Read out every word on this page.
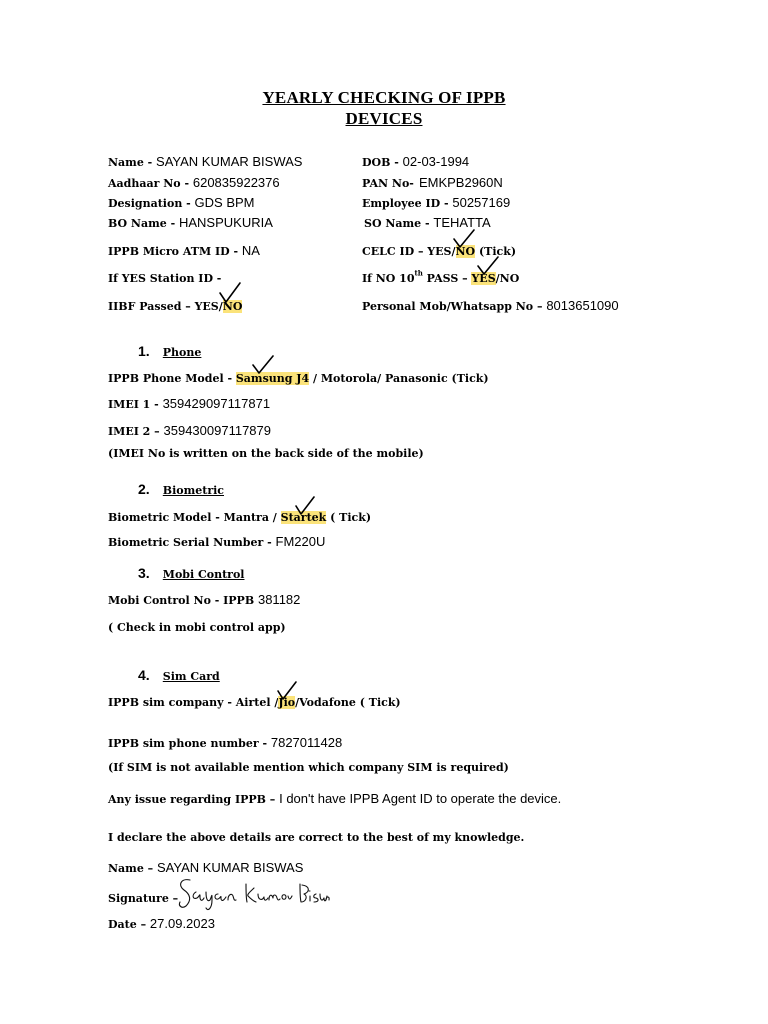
YEARLY CHECKING OF IPPB
DEVICES
Name - SAYAN KUMAR BISWAS	DOB - 02-03-1994
Aadhaar No - 620835922376	PAN No- EMKPB2960N
Designation - GDS BPM	Employee ID - 50257169
BO Name - HANSPUKURIA	SO Name - TEHATTA
IPPB Micro ATM ID - NA	CELC ID – YES/NO (Tick)
If YES Station ID -	If NO 10th PASS – YES/NO
IIBF Passed – YES/NO	Personal Mob/Whatsapp No – 8013651090
1. Phone
IPPB Phone Model - Samsung J4 / Motorola/ Panasonic (Tick)
IMEI 1 - 359429097117871
IMEI 2 – 359430097117879
(IMEI No is written on the back side of the mobile)
2. Biometric
Biometric Model - Mantra / Startek ( Tick)
Biometric Serial Number - FM220U
3. Mobi Control
Mobi Control No - IPPB 381182
( Check in mobi control app)
4. Sim Card
IPPB sim company - Airtel /Jio/Vodafone ( Tick)
IPPB sim phone number - 7827011428
(If SIM is not available mention which company SIM is required)
Any issue regarding IPPB – I don't have IPPB Agent ID to operate the device.
I declare the above details are correct to the best of my knowledge.
Name – SAYAN KUMAR BISWAS
Signature –
Date – 27.09.2023
